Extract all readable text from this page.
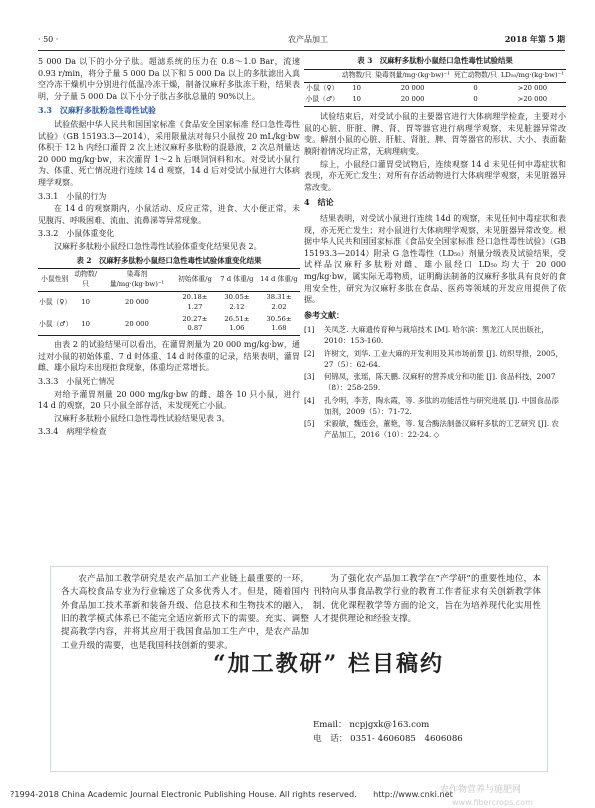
· 50 ·	农产品加工	2018 年第 5 期

5 000 Da 以下的小分子肽。超滤系统的压力在 0.8～1.0 Bar，流速 0.93 r/min，将分子量 5 000 Da 以下和 5 000 Da 以上的多肽滤出入真空冷冻干燥机中分别进行低温冷冻干燥，制备汉麻籽多肽冻干粉，结果表明，分子量 5 000 Da 以下小分子肽占多肽总量的 90%以上。

3.3　汉麻籽多肽粉急性毒性试验

试验依据中华人民共和国国家标准《食品安全国家标准 经口急性毒性试验》（GB 15193.3—2014），采用限量法对每只小鼠按 20 mL/kg·bw 体积于 12 h 内经口灌胃 2 次上述汉麻籽多肽粉的混悬液，2 次总剂量达 20 000 mg/kg·bw，末次灌胃 1～2 h 后喂饲饲料和水。对受试小鼠行为、体重、死亡情况进行连续 14 d 观察，14 d 后对受试小鼠进行大体病理学观察。

3.3.1　小鼠的行为

在 14 d 的观察期内，小鼠活动、反应正常，进食、大小便正常，未见腹泻、呼吸困难、流血、流鼻涕等异常现象。

3.3.2　小鼠体重变化

汉麻籽多肽粉小鼠经口急性毒性试验体重变化结果见表 2。

表 2　汉麻籽多肽粉小鼠经口急性毒性试验体重变化结果
小鼠性别	动物数/只	染毒剂量/mg·(kg·bw)⁻¹	初始体重/g	7 d 体重/g	14 d 体重/g
小鼠（♀）	10	20 000	20.18± 1.27	30.05± 2.12	38.31± 2.02
小鼠（♂）	10	20 000	20.27± 0.87	26.51± 1.06	30.56± 1.68

由表 2 的试验结果可以看出，在灌胃剂量为 20 000 mg/kg·bw，通过对小鼠的初始体重、7 d 时体重、14 d 时体重的记录，结果表明，灌胃雌、雄小鼠均未出现拒食现象，体重均正常增长。

3.3.3　小鼠死亡情况

对给予灌胃剂量 20 000 mg/kg·bw 的雌、雄各 10 只小鼠，进行 14 d 的观察，20 只小鼠全部存活，未发现死亡小鼠。

汉麻籽多肽粉小鼠经口急性毒性试验结果见表 3。

3.3.4　病理学检查
表 3　汉麻籽多肽粉小鼠经口急性毒性试验结果
	动物数/只	染毒剂量/mg·(kg·bw)⁻¹	死亡动物数/只	LD₅₀/mg·(kg·bw)⁻¹
小鼠（♀）	10	20 000	0	>20 000
小鼠（♂）	10	20 000	0	>20 000

试验结束后，对受试小鼠的主要器官进行大体病理学检查，主要对小鼠的心脏、肝脏、脾、肾、胃等器官进行病理学观察，未见脏器异常改变。解剖小鼠的心脏、肝脏、肾脏、脾、胃等器官的形状、大小、表面黏膜附着情况均正常，无病理病变。

综上，小鼠经口灌胃受试物后，连续观察 14 d 未见任何中毒症状和表现，亦无死亡发生；对所有存活动物进行大体病理学观察，未见脏器异常改变。

4　结论

结果表明，对受试小鼠进行连续 14d 的观察，未见任何中毒症状和表现，亦无死亡发生；对小鼠进行大体病理学观察，未见脏器异常改变。根据中华人民共和国国家标准《食品安全国家标准 经口急性毒性试验》（GB 15193.3—2014）附录 G 急性毒性（LD₅₀）剂量分级表及试验结果，受试样品汉麻籽多肽粉对雌、雄小鼠经口 LD₅₀ 均大于 20 000 mg/kg·bw，属实际无毒物质，证明酶法制备的汉麻籽多肽具有良好的食用安全性，研究为汉麻籽多肽在食品、医药等领域的开发应用提供了依据。

参考文献：
[1]	关凤芝. 大麻遗传育种与栽培技术 [M]. 哈尔滨：黑龙江人民出版社，2010：153-160.
[2]	许树文，刘华. 工业大麻的开发利用及其市场前景 [J]. 纺织导报，2005，27（5）：62-64.
[3]	何锦凤，张瑶，陈天鹏. 汉麻籽的营养成分和功能 [J]. 食品科技，2007（8）：258-259.
[4]	孔令明，李芳，陶永霞，等. 多肽的功能活性与研究进展 [J]. 中国食品添加剂，2009（5）：71-72.
[5]	宋毅敏，魏连会，董艳，等. 复合酶法制备汉麻籽多肽的工艺研究 [J]. 农产品加工，2016（10）：22-24. ◇
农产品加工教学研究是农产品加工产业链上最重要的一环，各大高校食品专业为行业输送了众多优秀人才。但是，随着国内外食品加工技术革新和装备升级、信息技术和生物技术的融入，旧的教学模式体系已不能完全适应新形式下的需要。充实、调整提高教学内容，并将其应用于我国食品加工生产中，是农产品加工业升级的需要，也是我国科技创新的要求。
“加工教研” 栏目稿约
为了强化农产品加工教学在“产学研”的重要性地位，本刊特向从事食品教学行业的教育工作者征求有关创新教学体制、优化课程教学等方面的论文，旨在为培养现代化实用性人才提供理论和经验支撑。
Email： ncpjgxk@163.com
电　话： 0351- 4606085　4606086
?1994-2018 China Academic Journal Electronic Publishing House. All rights reserved.　　http://www.cnki.net
农作物营养与施肥网
www.fibercrops.com
